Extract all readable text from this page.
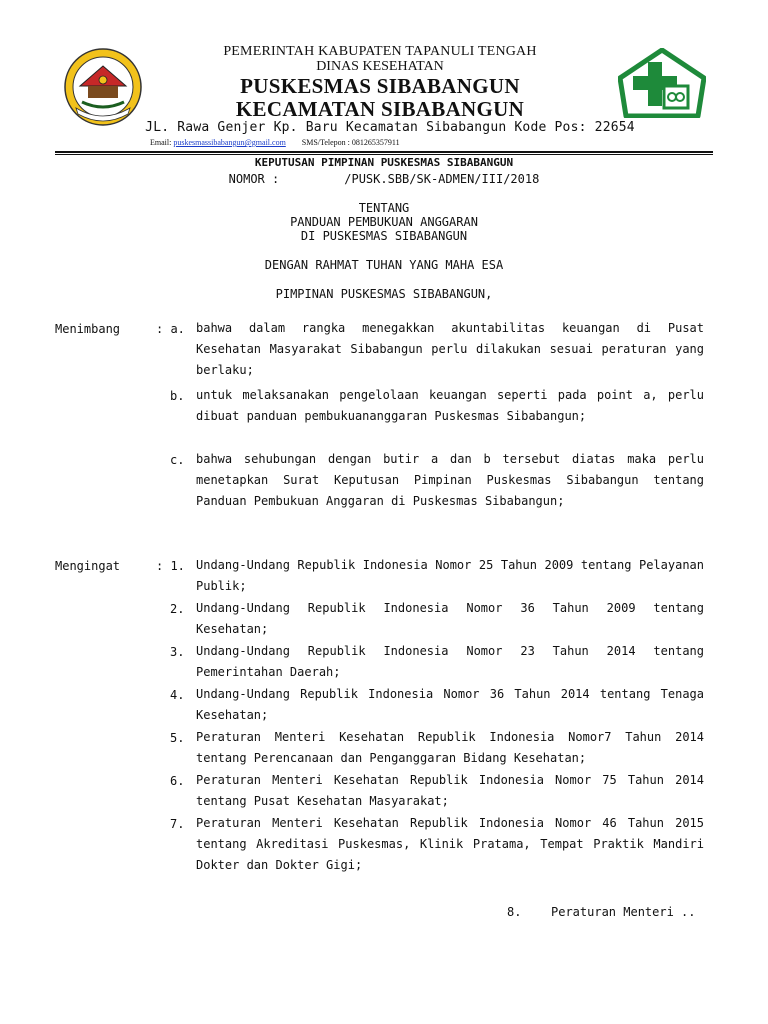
PEMERINTAH KABUPATEN TAPANULI TENGAH
DINAS KESEHATAN
PUSKESMAS SIBABANGUN
KECAMATAN SIBABANGUN
JL. Rawa Genjer Kp. Baru Kecamatan Sibabangun Kode Pos: 22654
Email: puskesmassibabangun@gmail.com SMS/Telepon : 081265357911
KEPUTUSAN PIMPINAN PUSKESMAS SIBABANGUN
NOMOR :         /PUSK.SBB/SK-ADMEN/III/2018
TENTANG
PANDUAN PEMBUKUAN ANGGARAN
DI PUSKESMAS SIBABANGUN
DENGAN RAHMAT TUHAN YANG MAHA ESA
PIMPINAN PUSKESMAS SIBABANGUN,
Menimbang	: a. bahwa dalam rangka menegakkan akuntabilitas keuangan di Pusat Kesehatan Masyarakat Sibabangun perlu dilakukan sesuai peraturan yang berlaku;
b. untuk melaksanakan pengelolaan keuangan seperti pada point a, perlu dibuat panduan pembukuananggaran Puskesmas Sibabangun;
c. bahwa sehubungan dengan butir a dan b tersebut diatas maka perlu menetapkan Surat Keputusan Pimpinan Puskesmas Sibabangun tentang Panduan Pembukuan Anggaran di Puskesmas Sibabangun;
Mengingat	: 1. Undang-Undang Republik Indonesia Nomor 25 Tahun 2009 tentang Pelayanan Publik;
2. Undang-Undang Republik Indonesia Nomor 36 Tahun 2009 tentang Kesehatan;
3. Undang-Undang Republik Indonesia Nomor 23 Tahun 2014 tentang Pemerintahan Daerah;
4. Undang-Undang Republik Indonesia Nomor 36 Tahun 2014 tentang Tenaga Kesehatan;
5. Peraturan Menteri Kesehatan Republik Indonesia Nomor7 Tahun 2014 tentang Perencanaan dan Penganggaran Bidang Kesehatan;
6. Peraturan Menteri Kesehatan Republik Indonesia Nomor 75 Tahun 2014 tentang Pusat Kesehatan Masyarakat;
7. Peraturan Menteri Kesehatan Republik Indonesia Nomor 46 Tahun 2015 tentang Akreditasi Puskesmas, Klinik Pratama, Tempat Praktik Mandiri Dokter dan Dokter Gigi;
8. Peraturan Menteri ..
